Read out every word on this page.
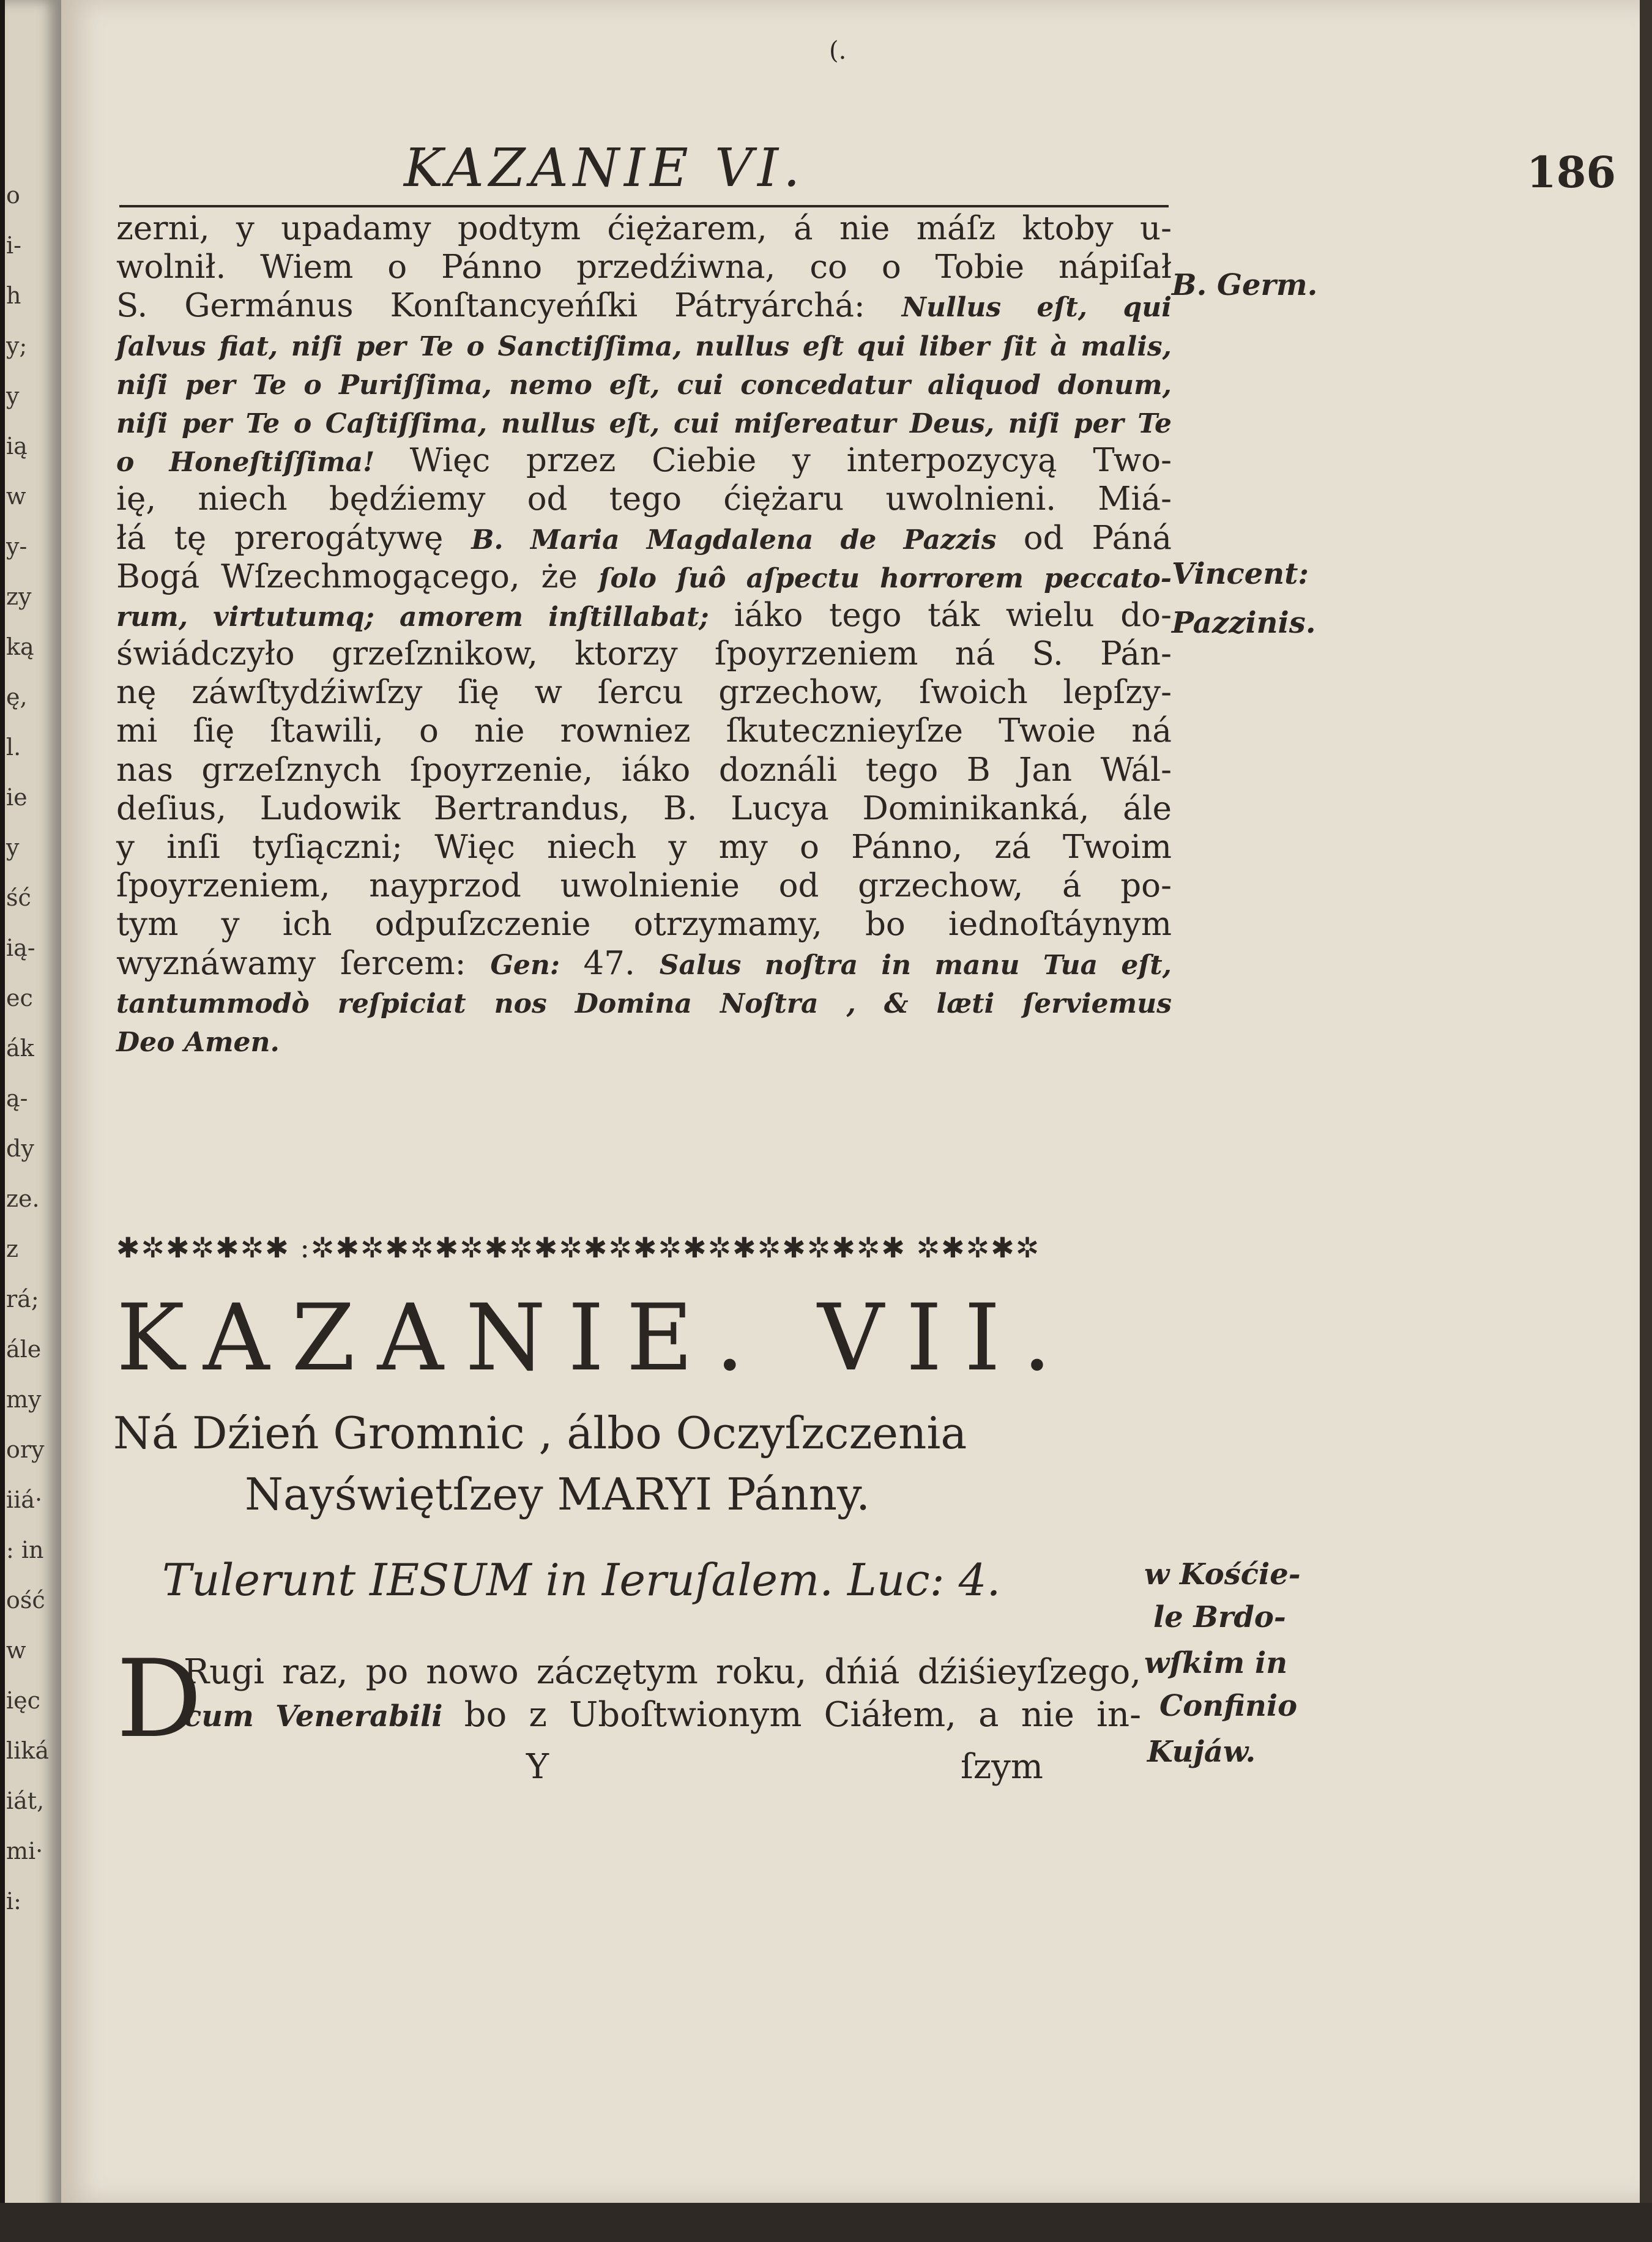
o
i-
h
y;
y
ią
w
y-
zy
ką
ę,
l.
ie
y
ść
ią-
ec
ák
ą-
dy
ze.
z
rá;
ále
my
ory
iiá·
: in
ość
w
ięc
liká
iát,
mi·
i:
(.
KAZANIE VI.	186
zerni, y upadamy podtym ćiężarem, á nie máſz ktoby u-
wolnił. Wiem o Pánno przedźiwna, co o Tobie nápiſał
S. Germánus Konſtancyeńſki Pátryárchá: Nullus eſt, qui
ſalvus fiat, niſi per Te o Sanctiſſima, nullus eſt qui liber ſit à malis,
niſi per Te o Puriſſima, nemo eſt, cui concedatur aliquod donum,
niſi per Te o Caſtiſſima, nullus eſt, cui miſereatur Deus, niſi per Te
o Honeſtiſſima! Więc przez Ciebie y interpozycyą Two-
ię, niech będźiemy od tego ćiężaru uwolnieni. Miá-
łá tę prerogátywę B. Maria Magdalena de Pazzis od Páná
Bogá Wſzechmogącego, że ſolo ſuô aſpectu horrorem peccato-
rum, virtutumq; amorem inſtillabat; iáko tego ták wielu do-
świádczyło grzeſznikow, ktorzy ſpoyrzeniem ná S. Pán-
nę záwſtydźiwſzy ſię w ſercu grzechow, ſwoich lepſzy-
mi ſię ſtawili, o nie rowniez ſkutecznieyſze Twoie ná
nas grzeſznych ſpoyrzenie, iáko doználi tego B Jan Wál-
deſius, Ludowik Bertrandus, B. Lucya Dominikanká, ále
y inſi tyſiączni; Więc niech y my o Pánno, zá Twoim
ſpoyrzeniem, nayprzod uwolnienie od grzechow, á po-
tym y ich odpuſzczenie otrzymamy, bo iednoſtáynym
wyznáwamy ſercem: Gen: 47. Salus noſtra in manu Tua eſt,
tantummodò reſpiciat nos Domina Noſtra , & læti ſerviemus
Deo Amen.
B. Germ.
Vincent:
Pazzinis.
✱✲✱✲✱✲✱ :✲✱✲✱✲✱✲✱✲✱✲✱✲✱✲✱✲✱✲✱✲✱✲✱ ✲✱✲✱✲
KAZANIE. VII.
Ná Dźień Gromnic , álbo Oczyſzczenia
Nayświętſzey MARYI Pánny.
Tulerunt IESUM in Ieruſalem. Luc: 4.	w Kośćie-
le Brdo-
wſkim in
Confinio
Kujáw.
D
Rugi raz, po nowo záczętym roku, dńiá dźiśieyſzego,
cum Venerabili bo z Uboſtwionym Ciáłem, a nie in-
Y	ſzym
